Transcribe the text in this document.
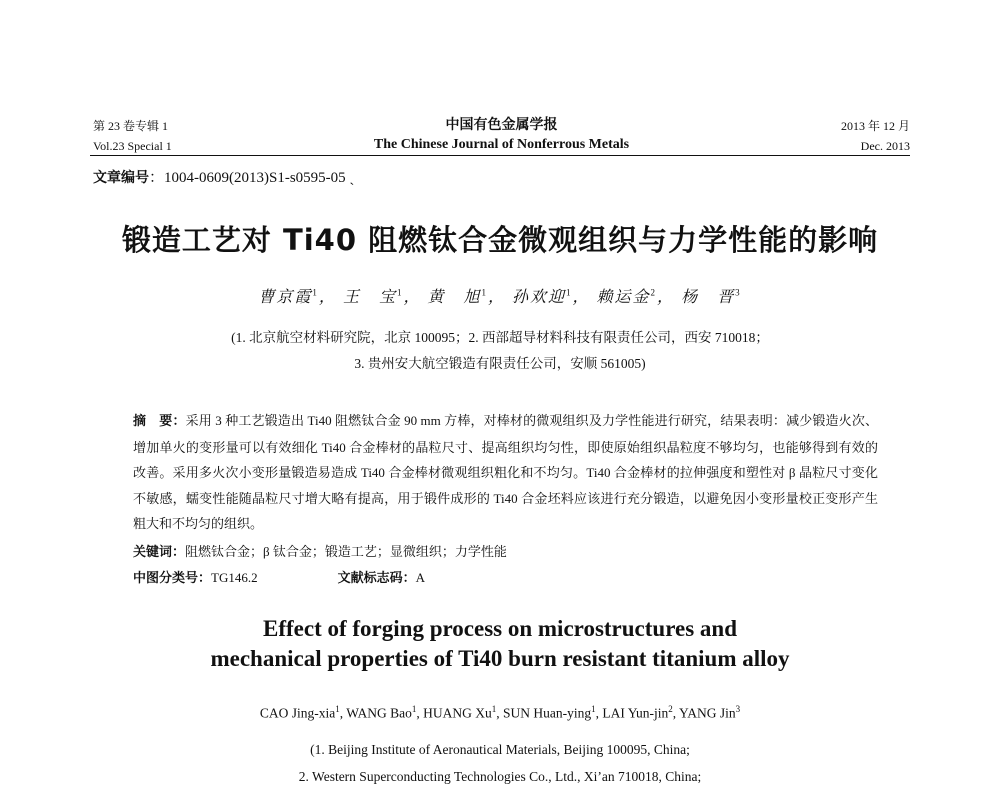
第 23 卷专辑 1
Vol.23 Special 1
中国有色金属学报
The Chinese Journal of Nonferrous Metals
2013 年 12 月
Dec. 2013
文章编号：1004-0609(2013)S1-s0595-05 ˎ
锻造工艺对 Ti40 阻燃钛合金微观组织与力学性能的影响
曹京霞$^1$， 王　宝$^1$， 黄　旭$^1$， 孙欢迎$^1$， 赖运金$^2$， 杨　晋$^3$
(1. 北京航空材料研究院，北京 100095；2. 西部超导材料科技有限责任公司，西安 710018；
3. 贵州安大航空锻造有限责任公司，安顺 561005)
摘　要：采用 3 种工艺锻造出 Ti40 阻燃钛合金 90 mm 方棒，对棒材的微观组织及力学性能进行研究，结果表明：减少锻造火次、增加单火的变形量可以有效细化 Ti40 合金棒材的晶粒尺寸、提高组织均匀性，即使原始组织晶粒度不够均匀，也能够得到有效的改善。采用多火次小变形量锻造易造成 Ti40 合金棒材微观组织粗化和不均匀。Ti40 合金棒材的拉伸强度和塑性对 β 晶粒尺寸变化不敏感，蠕变性能随晶粒尺寸增大略有提高，用于锻件成形的 Ti40 合金坯料应该进行充分锻造，以避免因小变形量校正变形产生粗大和不均匀的组织。
关键词：阻燃钛合金；β 钛合金；锻造工艺；显微组织；力学性能
中图分类号：TG146.2	文献标志码：A
Effect of forging process on microstructures and
mechanical properties of Ti40 burn resistant titanium alloy
CAO Jing-xia$^1$, WANG Bao$^1$, HUANG Xu$^1$, SUN Huan-ying$^1$, LAI Yun-jin$^2$, YANG Jin$^3$
(1. Beijing Institute of Aeronautical Materials, Beijing 100095, China;
2. Western Superconducting Technologies Co., Ltd., Xi’an 710018, China;
